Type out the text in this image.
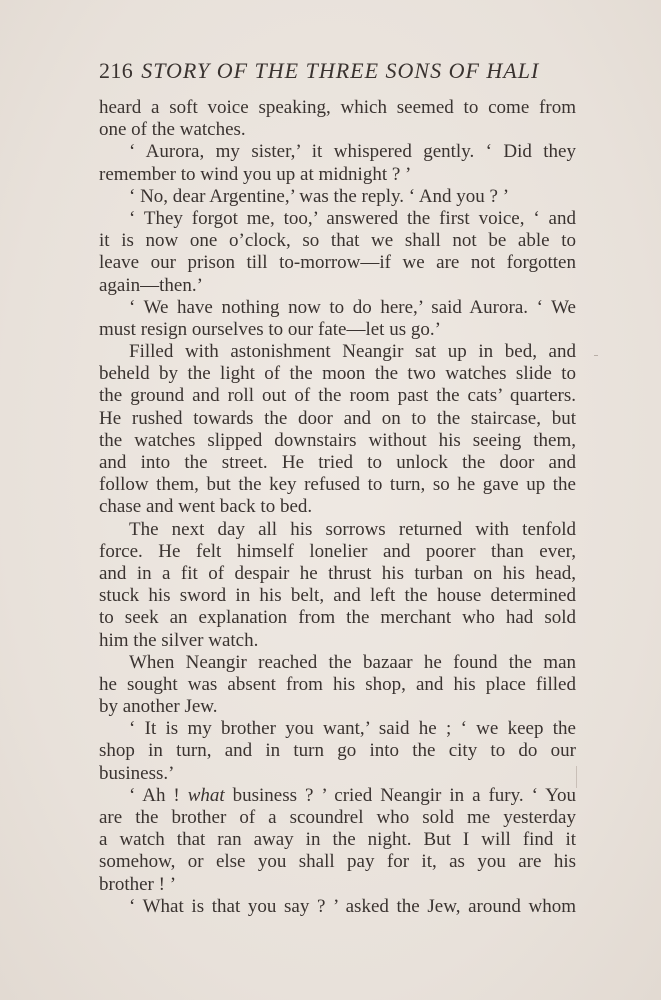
216 STORY OF THE THREE SONS OF HALI
heard a soft voice speaking, which seemed to come from
one of the watches.
‘ Aurora, my sister,’ it whispered gently. ‘ Did they
remember to wind you up at midnight ? ’
‘ No, dear Argentine,’ was the reply. ‘ And you ? ’
‘ They forgot me, too,’ answered the first voice, ‘ and
it is now one o’clock, so that we shall not be able to
leave our prison till to-morrow—if we are not forgotten
again—then.’
‘ We have nothing now to do here,’ said Aurora. ‘ We
must resign ourselves to our fate—let us go.’
Filled with astonishment Neangir sat up in bed, and
beheld by the light of the moon the two watches slide to
the ground and roll out of the room past the cats’ quarters.
He rushed towards the door and on to the staircase, but
the watches slipped downstairs without his seeing them,
and into the street. He tried to unlock the door and
follow them, but the key refused to turn, so he gave up the
chase and went back to bed.
The next day all his sorrows returned with tenfold
force. He felt himself lonelier and poorer than ever,
and in a fit of despair he thrust his turban on his head,
stuck his sword in his belt, and left the house determined
to seek an explanation from the merchant who had sold
him the silver watch.
When Neangir reached the bazaar he found the man
he sought was absent from his shop, and his place filled
by another Jew.
‘ It is my brother you want,’ said he ; ‘ we keep the
shop in turn, and in turn go into the city to do our
business.’
‘ Ah ! what business ? ’ cried Neangir in a fury. ‘ You
are the brother of a scoundrel who sold me yesterday
a watch that ran away in the night. But I will find it
somehow, or else you shall pay for it, as you are his
brother ! ’
‘ What is that you say ? ’ asked the Jew, around whom
